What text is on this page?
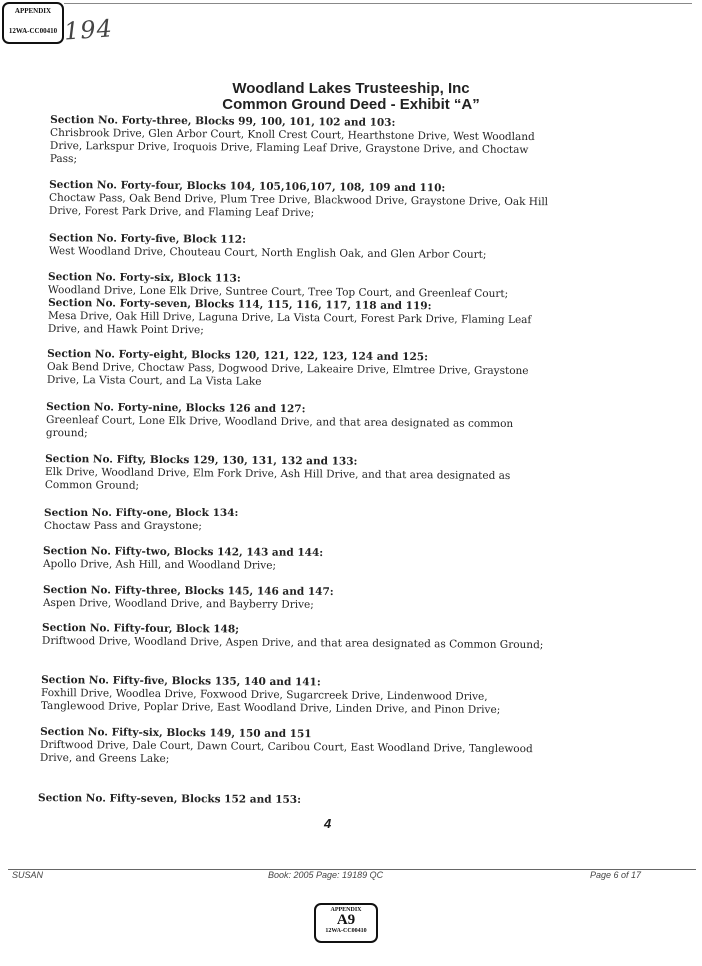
APPENDIX
12WA-CC00410 194
Woodland Lakes Trusteeship, Inc
Common Ground Deed - Exhibit “A”
Section No. Forty-three, Blocks 99, 100, 101, 102 and 103:
Chrisbrook Drive, Glen Arbor Court, Knoll Crest Court, Hearthstone Drive, West Woodland
Drive, Larkspur Drive, Iroquois Drive, Flaming Leaf Drive, Graystone Drive, and Choctaw
Pass;
Section No. Forty-four, Blocks 104, 105,106,107, 108, 109 and 110:
Choctaw Pass, Oak Bend Drive, Plum Tree Drive, Blackwood Drive, Graystone Drive, Oak Hill
Drive, Forest Park Drive, and Flaming Leaf Drive;
Section No. Forty-five, Block 112:
West Woodland Drive, Chouteau Court, North English Oak, and Glen Arbor Court;
Section No. Forty-six, Block 113:
Woodland Drive, Lone Elk Drive, Suntree Court, Tree Top Court, and Greenleaf Court;
Section No. Forty-seven, Blocks 114, 115, 116, 117, 118 and 119:
Mesa Drive, Oak Hill Drive, Laguna Drive, La Vista Court, Forest Park Drive, Flaming Leaf
Drive, and Hawk Point Drive;
Section No. Forty-eight, Blocks 120, 121, 122, 123, 124 and 125:
Oak Bend Drive, Choctaw Pass, Dogwood Drive, Lakeaire Drive, Elmtree Drive, Graystone
Drive, La Vista Court, and La Vista Lake
Section No. Forty-nine, Blocks 126 and 127:
Greenleaf Court, Lone Elk Drive, Woodland Drive, and that area designated as common
ground;
Section No. Fifty, Blocks 129, 130, 131, 132 and 133:
Elk Drive, Woodland Drive, Elm Fork Drive, Ash Hill Drive, and that area designated as
Common Ground;
Section No. Fifty-one, Block 134:
Choctaw Pass and Graystone;
Section No. Fifty-two, Blocks 142, 143 and 144:
Apollo Drive, Ash Hill, and Woodland Drive;
Section No. Fifty-three, Blocks 145, 146 and 147:
Aspen Drive, Woodland Drive, and Bayberry Drive;
Section No. Fifty-four, Block 148;
Driftwood Drive, Woodland Drive, Aspen Drive, and that area designated as Common Ground;
Section No. Fifty-five, Blocks 135, 140 and 141:
Foxhill Drive, Woodlea Drive, Foxwood Drive, Sugarcreek Drive, Lindenwood Drive,
Tanglewood Drive, Poplar Drive, East Woodland Drive, Linden Drive, and Pinon Drive;
Section No. Fifty-six, Blocks 149, 150 and 151
Driftwood Drive, Dale Court, Dawn Court, Caribou Court, East Woodland Drive, Tanglewood
Drive, and Greens Lake;
Section No. Fifty-seven, Blocks 152 and 153:
4
SUSAN	Book: 2005 Page: 19189 QC	Page 6 of 17
APPENDIX
A9
12WA-CC00410
